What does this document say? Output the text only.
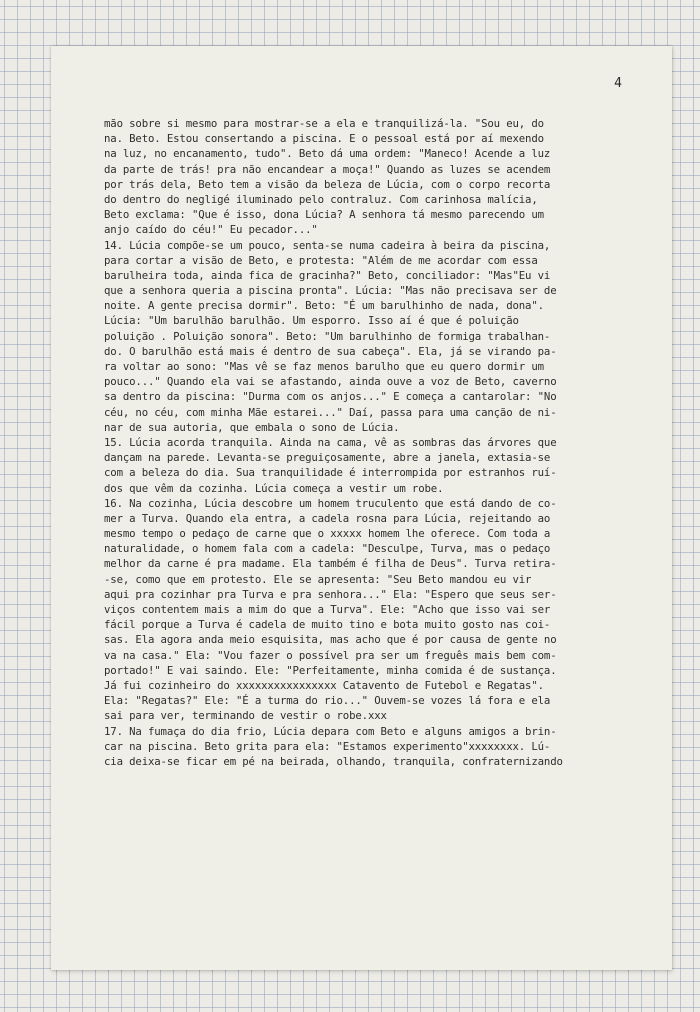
4
mão sobre si mesmo para mostrar-se a ela e tranquilizá-la. "Sou eu, do
na. Beto. Estou consertando a piscina. E o pessoal está por aí mexendo
na luz, no encanamento, tudo". Beto dá uma ordem: "Maneco! Acende a luz
da parte de trás! pra não encandear a moça!" Quando as luzes se acendem
por trás dela, Beto tem a visão da beleza de Lúcia, com o corpo recorta
do dentro do negligé iluminado pelo contraluz. Com carinhosa malícia,
Beto exclama: "Que é isso, dona Lúcia? A senhora tá mesmo parecendo um
anjo caído do céu!" Eu pecador..."
14. Lúcia compõe-se um pouco, senta-se numa cadeira à beira da piscina,
para cortar a visão de Beto, e protesta: "Além de me acordar com essa
barulheira toda, ainda fica de gracinha?" Beto, conciliador: "Mas"Eu vi
que a senhora queria a piscina pronta". Lúcia: "Mas não precisava ser de
noite. A gente precisa dormir". Beto: "É um barulhinho de nada, dona".
Lúcia: "Um barulhão barulhão. Um esporro. Isso aí é que é poluição
poluição . Poluição sonora". Beto: "Um barulhinho de formiga trabalhan-
do. O barulhão está mais é dentro de sua cabeça". Ela, já se virando pa-
ra voltar ao sono: "Mas vê se faz menos barulho que eu quero dormir um
pouco..." Quando ela vai se afastando, ainda ouve a voz de Beto, caverno
sa dentro da piscina: "Durma com os anjos..." E começa a cantarolar: "No
céu, no céu, com minha Mãe estarei..." Daí, passa para uma canção de ni-
nar de sua autoria, que embala o sono de Lúcia.
15. Lúcia acorda tranquila. Ainda na cama, vê as sombras das árvores que
dançam na parede. Levanta-se preguiçosamente, abre a janela, extasia-se
com a beleza do dia. Sua tranquilidade é interrompida por estranhos ruí-
dos que vêm da cozinha. Lúcia começa a vestir um robe.
16. Na cozinha, Lúcia descobre um homem truculento que está dando de co-
mer a Turva. Quando ela entra, a cadela rosna para Lúcia, rejeitando ao
mesmo tempo o pedaço de carne que o xxxxx homem lhe oferece. Com toda a
naturalidade, o homem fala com a cadela: "Desculpe, Turva, mas o pedaço
melhor da carne é pra madame. Ela também é filha de Deus". Turva retira-
-se, como que em protesto. Ele se apresenta: "Seu Beto mandou eu vir
aqui pra cozinhar pra Turva e pra senhora..." Ela: "Espero que seus ser-
viços contentem mais a mim do que a Turva". Ele: "Acho que isso vai ser
fácil porque a Turva é cadela de muito tino e bota muito gosto nas coi-
sas. Ela agora anda meio esquisita, mas acho que é por causa de gente no
va na casa." Ela: "Vou fazer o possível pra ser um freguês mais bem com-
portado!" E vai saindo. Ele: "Perfeitamente, minha comida é de sustança.
Já fui cozinheiro do xxxxxxxxxxxxxxxx Catavento de Futebol e Regatas".
Ela: "Regatas?" Ele: "É a turma do rio..." Ouvem-se vozes lá fora e ela
sai para ver, terminando de vestir o robe.xxx
17. Na fumaça do dia frio, Lúcia depara com Beto e alguns amigos a brin-
car na piscina. Beto grita para ela: "Estamos experimento"xxxxxxxx. Lú-
cia deixa-se ficar em pé na beirada, olhando, tranquila, confraternizando
